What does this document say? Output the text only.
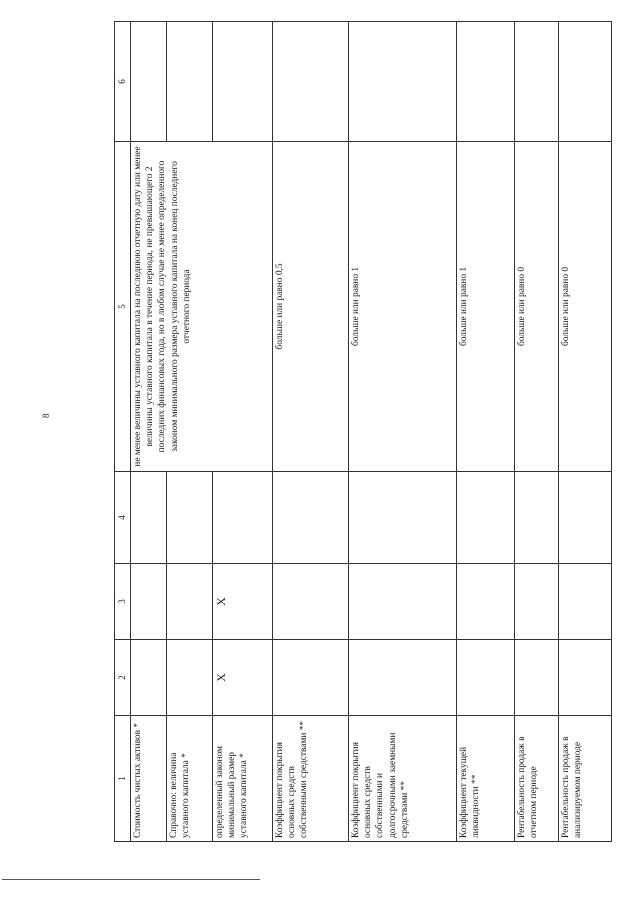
8
1	2	3	4	5	6
Стоимость чистых активов *				не менее величины уставного капитала на последнюю отчетную дату или менее величины уставного капитала в течение периода, не превышающего 2 последних финансовых года, но в любом случае не менее определенного законом минимального размера уставного капитала на конец последнего отчетного периода	

Справочно: величина уставного капитала *					
определенный законом минимальный размер уставного капитала *	X	X			
Коэффициент покрытия основных средств собственными средствами **				больше или равно 0,5	
Коэффициент покрытия основных средств собственными и долгосрочными заемными средствами **				больше или равно 1	
Коэффициент текущей ликвидности **				больше или равно 1	
Рентабельность продаж в отчетном периоде				больше или равно 0	
Рентабельность продаж в анализируемом периоде				больше или равно 0	
